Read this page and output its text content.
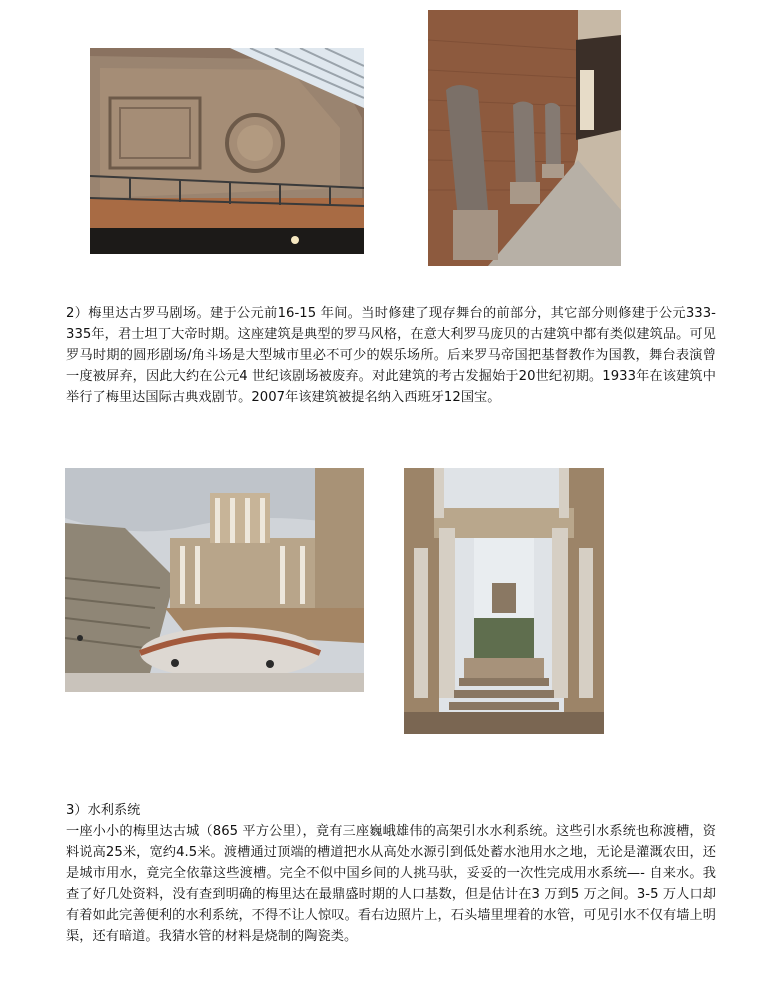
2）梅里达古罗马剧场。建于公元前16-15 年间。当时修建了现存舞台的前部分，其它部分则修建于公元333-335年，君士坦丁大帝时期。这座建筑是典型的罗马风格，在意大利罗马庞贝的古建筑中都有类似建筑品。可见罗马时期的圆形剧场/角斗场是大型城市里必不可少的娱乐场所。后来罗马帝国把基督教作为国教，舞台表演曾一度被屏弃，因此大约在公元4 世纪该剧场被废弃。对此建筑的考古发掘始于20世纪初期。1933年在该建筑中举行了梅里达国际古典戏剧节。2007年该建筑被提名纳入西班牙12国宝。

3）水利系统

一座小小的梅里达古城（865 平方公里），竟有三座巍峨雄伟的高架引水水利系统。这些引水系统也称渡槽，资料说高25米，宽约4.5米。渡槽通过顶端的槽道把水从高处水源引到低处蓄水池用水之地，无论是灌溉农田，还是城市用水，竟完全依靠这些渡槽。完全不似中国乡间的人挑马驮，妥妥的一次性完成用水系统—- 自来水。我查了好几处资料，没有查到明确的梅里达在最鼎盛时期的人口基数，但是估计在3 万到5 万之间。3-5 万人口却有着如此完善便利的水利系统，不得不让人惊叹。看右边照片上，石头墙里埋着的水管，可见引水不仅有墙上明渠，还有暗道。我猜水管的材料是烧制的陶瓷类。
